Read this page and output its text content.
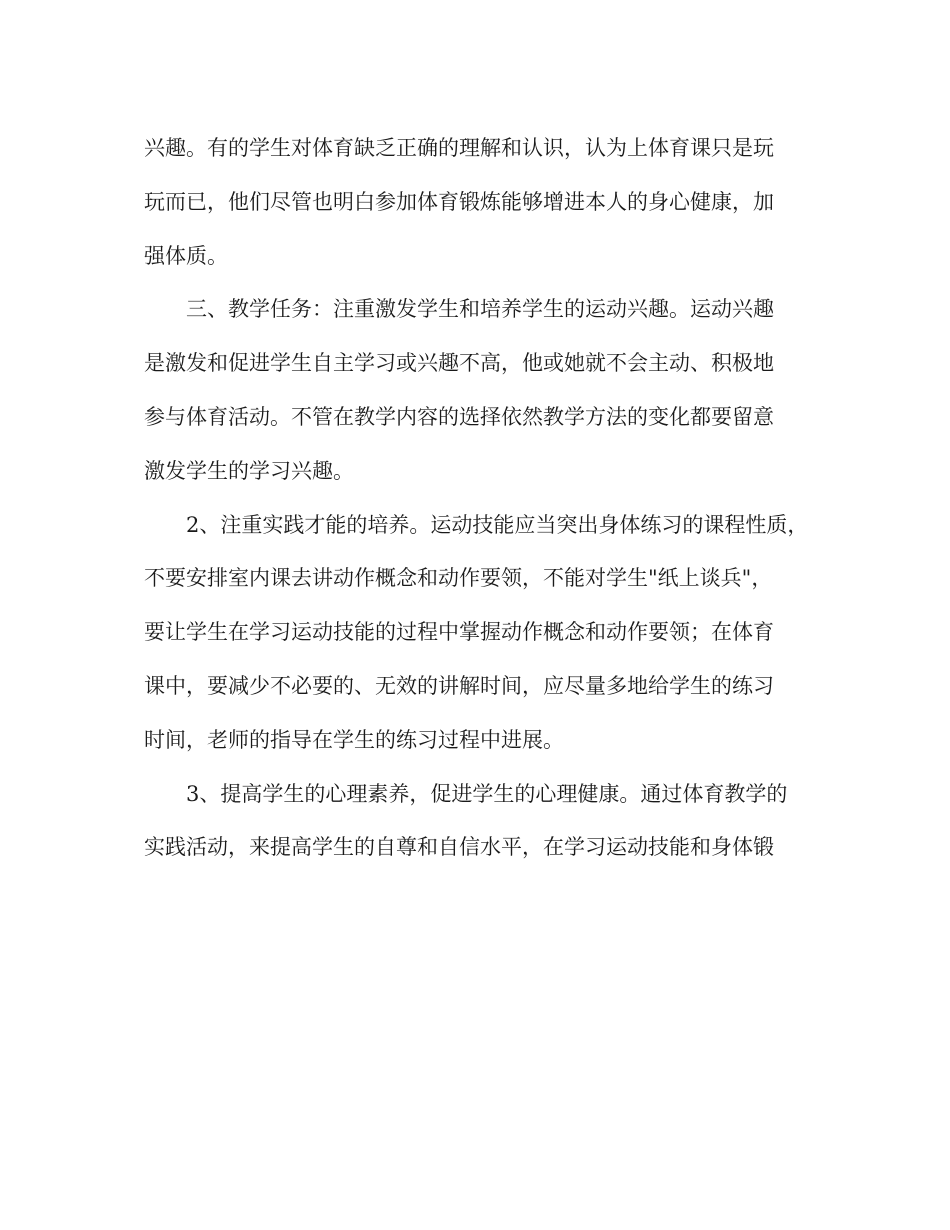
兴趣。有的学生对体育缺乏正确的理解和认识，认为上体育课只是玩
玩而已，他们尽管也明白参加体育锻炼能够增进本人的身心健康，加
强体质。
三、教学任务：注重激发学生和培养学生的运动兴趣。运动兴趣
是激发和促进学生自主学习或兴趣不高，他或她就不会主动、积极地
参与体育活动。不管在教学内容的选择依然教学方法的变化都要留意
激发学生的学习兴趣。
2、注重实践才能的培养。运动技能应当突出身体练习的课程性质，
不要安排室内课去讲动作概念和动作要领，不能对学生"纸上谈兵"，
要让学生在学习运动技能的过程中掌握动作概念和动作要领；在体育
课中，要减少不必要的、无效的讲解时间，应尽量多地给学生的练习
时间，老师的指导在学生的练习过程中进展。
3、提高学生的心理素养，促进学生的心理健康。通过体育教学的
实践活动，来提高学生的自尊和自信水平，在学习运动技能和身体锻
